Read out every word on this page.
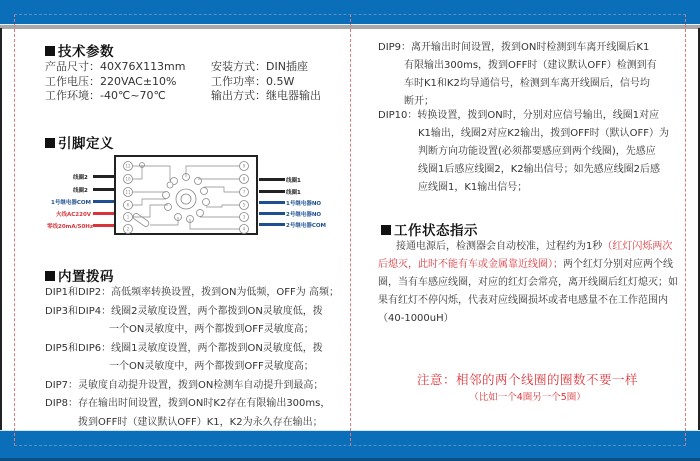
技术参数
产品尺寸：40X76X113mm
工作电压：220VAC±10%
工作环境：-40℃~70℃
安装方式：DIN插座
工作功率：0.5W
输出方式：继电器输出
引脚定义
线圈2
线圈2
1号继电器COM
火线AC220V
零线20mA/50Hz
线圈1
线圈1
1号继电器NO
2号继电器NO
2号继电器COM
12
10
11
6
1
2
9
8
7
5
3
4
内置拨码
DIP1和DIP2：高低频率转换设置，拨到ON为低频，OFF为 高频；
DIP3和DIP4：线圈2灵敏度设置，两个都拨到ON灵敏度低，拨
一个ON灵敏度中，两个都拨到OFF灵敏度高；
DIP5和DIP6：线圈1灵敏度设置，两个都拨到ON灵敏度低，拨
一个ON灵敏度中，两个都拨到OFF灵敏度高；
DIP7：灵敏度自动提升设置，拨到ON检测车自动提升到最高；
DIP8：存在输出时间设置，拨到ON时K2存在有限输出300ms，
拨到OFF时（建议默认OFF）K1，K2为永久存在输出；
DIP9：离开输出时间设置，拨到ON时检测到车离开线圈后K1
有限输出300ms，拨到OFF时（建议默认OFF）检测到有
车时K1和K2均导通信号，检测到车离开线圈后，信号均
断开；
DIP10：转换设置，拨到ON时，分别对应信号输出，线圈1对应
K1输出，线圈2对应K2输出，拨到OFF时（默认OFF）为
判断方向功能设置(必须都要感应到两个线圈)，先感应
线圈1后感应线圈2，K2输出信号；如先感应线圈2后感
应线圈1，K1输出信号；
工作状态指示
接通电源后，检测器会自动校准，过程约为1秒（红灯闪烁两次后熄灭，此时不能有车或金属靠近线圈）；两个红灯分别对应两个线圈，当有车感应线圈，对应的红灯会常亮，离开线圈后红灯熄灭；如果有红灯不停闪烁，代表对应线圈损坏或者电感量不在工作范围内（40-1000uH）
注意：相邻的两个线圈的圈数不要一样
（比如一个4圈另一个5圈）
